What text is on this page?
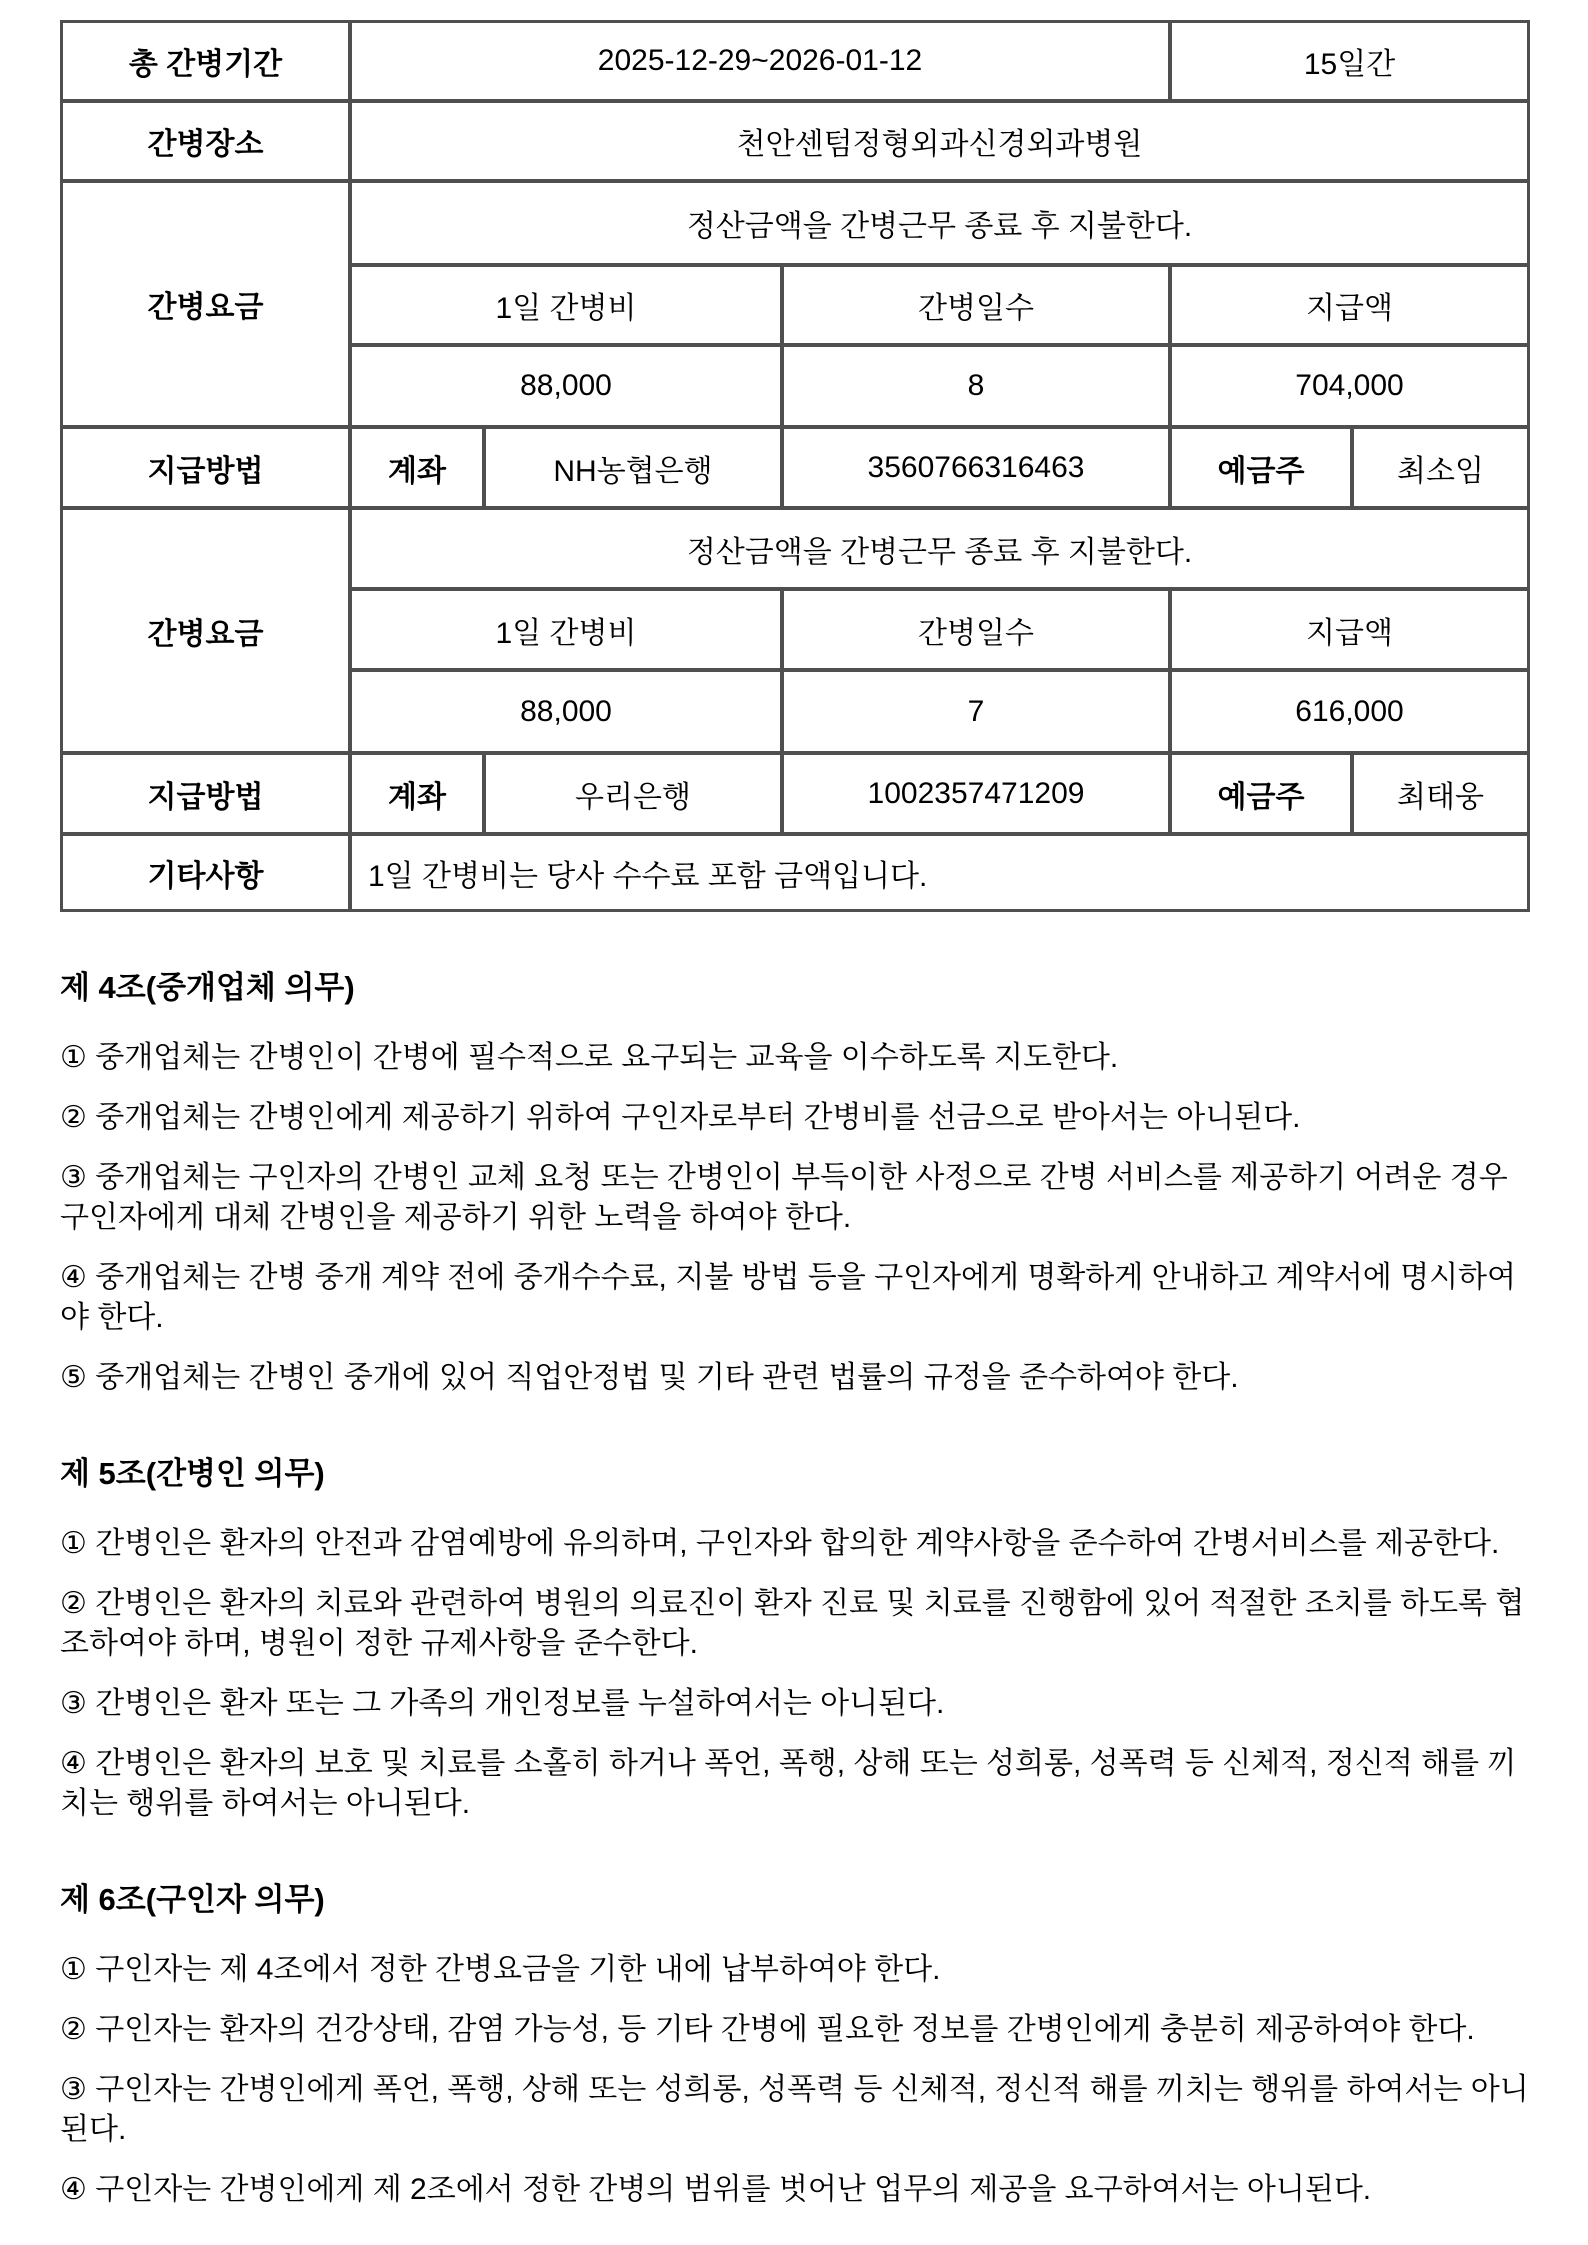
총 간병기간	2025-12-29~2026-01-12			15일간	
간병장소	천안센텀정형외과신경외과병원				
간병요금	정산금액을 간병근무 종료 후 지불한다.				
	1일 간병비		간병일수	지급액	
	88,000		8	704,000	
지급방법	계좌	NH농협은행	3560766316463	예금주	최소임
간병요금	정산금액을 간병근무 종료 후 지불한다.				
	1일 간병비		간병일수	지급액	
	88,000		7	616,000	
지급방법	계좌	우리은행	1002357471209	예금주	최태웅
기타사항	1일 간병비는 당사 수수료 포함 금액입니다.				
제 4조(중개업체 의무)

① 중개업체는 간병인이 간병에 필수적으로 요구되는 교육을 이수하도록 지도한다.

② 중개업체는 간병인에게 제공하기 위하여 구인자로부터 간병비를 선금으로 받아서는 아니된다.

③ 중개업체는 구인자의 간병인 교체 요청 또는 간병인이 부득이한 사정으로 간병 서비스를 제공하기 어려운 경우 구인자에게 대체 간병인을 제공하기 위한 노력을 하여야 한다.

④ 중개업체는 간병 중개 계약 전에 중개수수료, 지불 방법 등을 구인자에게 명확하게 안내하고 계약서에 명시하여야 한다.

⑤ 중개업체는 간병인 중개에 있어 직업안정법 및 기타 관련 법률의 규정을 준수하여야 한다.

제 5조(간병인 의무)

① 간병인은 환자의 안전과 감염예방에 유의하며, 구인자와 합의한 계약사항을 준수하여 간병서비스를 제공한다.

② 간병인은 환자의 치료와 관련하여 병원의 의료진이 환자 진료 및 치료를 진행함에 있어 적절한 조치를 하도록 협조하여야 하며, 병원이 정한 규제사항을 준수한다.

③ 간병인은 환자 또는 그 가족의 개인정보를 누설하여서는 아니된다.

④ 간병인은 환자의 보호 및 치료를 소홀히 하거나 폭언, 폭행, 상해 또는 성희롱, 성폭력 등 신체적, 정신적 해를 끼치는 행위를 하여서는 아니된다.

제 6조(구인자 의무)

① 구인자는 제 4조에서 정한 간병요금을 기한 내에 납부하여야 한다.

② 구인자는 환자의 건강상태, 감염 가능성, 등 기타 간병에 필요한 정보를 간병인에게 충분히 제공하여야 한다.

③ 구인자는 간병인에게 폭언, 폭행, 상해 또는 성희롱, 성폭력 등 신체적, 정신적 해를 끼치는 행위를 하여서는 아니된다.

④ 구인자는 간병인에게 제 2조에서 정한 간병의 범위를 벗어난 업무의 제공을 요구하여서는 아니된다.
